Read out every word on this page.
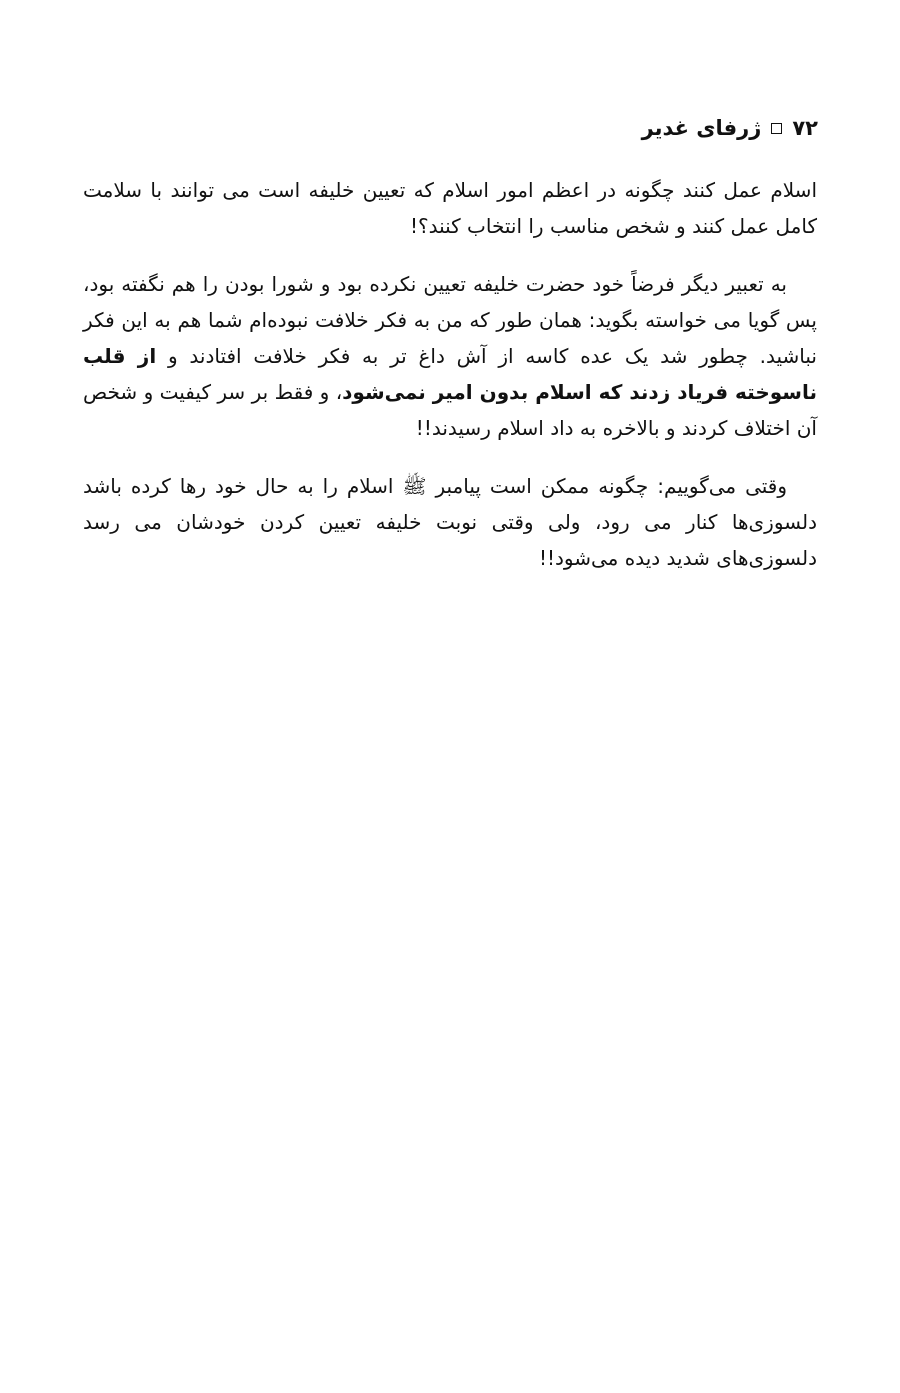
۷۲
ژرفای غدیر

اسلام عمل کنند چگونه در اعظم امور اسلام که تعیین خلیفه است می توانند با سلامت کامل عمل کنند و شخص مناسب را انتخاب کنند؟!

به تعبیر دیگر فرضاً خود حضرت خلیفه تعیین نکرده بود و شورا بودن را هم نگفته بود، پس گویا می خواسته بگوید: همان طور که من به فکر خلافت نبوده‌ام شما هم به این فکر نباشید. چطور شد یک عده کاسه از آش داغ تر به فکر خلافت افتادند و از قلب ناسوخته فریاد زدند که اسلام بدون امیر نمی‌شود، و فقط بر سر کیفیت و شخص آن اختلاف کردند و بالاخره به داد اسلام رسیدند!!

وقتی می‌گوییم: چگونه ممکن است پیامبر ﷺ اسلام را به حال خود رها کرده باشد دلسوزی‌ها کنار می رود، ولی وقتی نوبت خلیفه تعیین کردن خودشان می رسد دلسوزی‌های شدید دیده می‌شود!!
